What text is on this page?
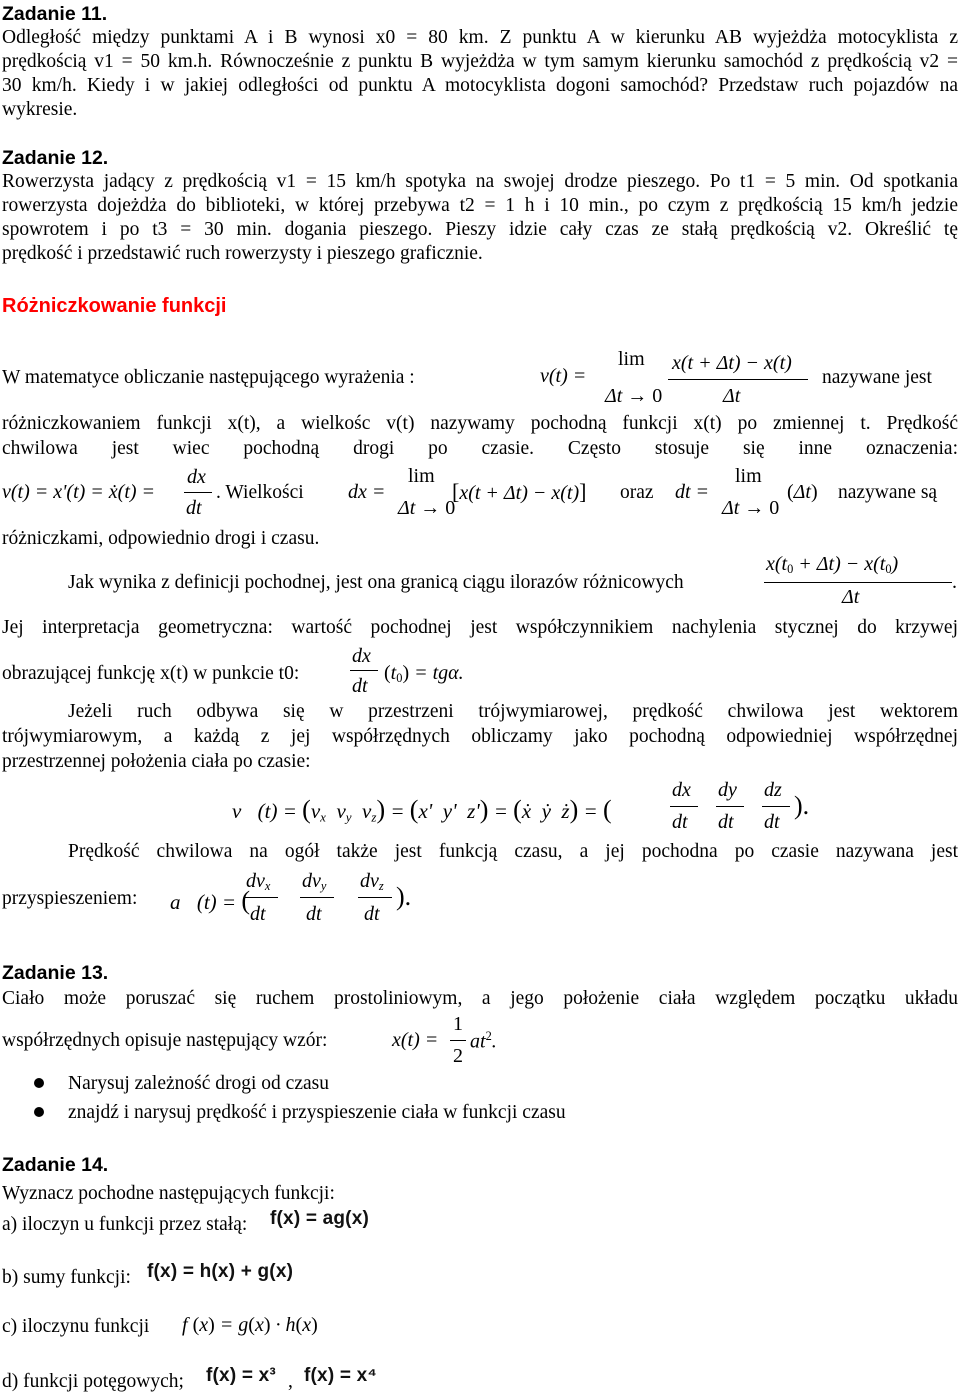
Zadanie 11.
Odległość między punktami A i B wynosi x0 = 80 km. Z punktu A w kierunku AB wyjeżdża motocyklista z
prędkością v1 = 50 km.h. Równocześnie z punktu B wyjeżdża w tym samym kierunku samochód z prędkością v2 =
30 km/h. Kiedy i w jakiej odległości od punktu A motocyklista dogoni samochód? Przedstaw ruch pojazdów na
wykresie.
Zadanie 12.
Rowerzysta jadący z prędkością v1 = 15 km/h spotyka na swojej drodze pieszego. Po t1 = 5 min. Od spotkania
rowerzysta dojeżdża do biblioteki, w której przebywa t2 = 1 h i 10 min., po czym z prędkością 15 km/h jedzie
spowrotem i po t3 = 30 min. dogania pieszego. Pieszy idzie cały czas ze stałą prędkością v2. Określić tę
prędkość i przedstawić ruch rowerzysty i pieszego graficznie.
Różniczkowanie funkcji
W matematyce obliczanie następującego wyrażenia :	v(t) =
lim
Δt → 0
x(t + Δt) − x(t)
Δt
nazywane jest
różniczkowaniem funkcji x(t), a wielkośc v(t) nazywamy pochodną funkcji x(t) po zmiennej t. Prędkość
chwilowa jest wiec pochodną drogi po czasie. Często stosuje się inne oznaczenia:
v(t) = x'(t) = ẋ(t) =
dx
dt
. Wielkości dx =
lim
Δt → 0
[x(t + Δt) − x(t)] oraz dt =
lim
Δt → 0
(Δt) nazywane są
różniczkami, odpowiednio drogi i czasu.
Jak wynika z definicji pochodnej, jest ona granicą ciągu ilorazów różnicowych
$x(t_0 + \Delta t) - x(t_0)$
Δt
.
Jej interpretacja geometryczna: wartość pochodnej jest współczynnikiem nachylenia stycznej do krzywej
obrazującej funkcję x(t) w punkcie t0:
dx
dt
$(t_0) = tg\alpha$.
Jeżeli ruch odbywa się w przestrzeni trójwymiarowej, prędkość chwilowa jest wektorem
trójwymiarowym, a każdą z jej współrzędnych obliczamy jako pochodną odpowiedniej współrzędnej
przestrzennej położenia ciała po czasie:
v⃗(t) = ($v_x$  $v_y$  $v_z) = (x'$  y'  z') = (ẋ  ẏ  ż) = (
dx dy dz
dt dt dt
).
Prędkość chwilowa na ogół także jest funkcją czasu, a jej pochodna po czasie nazywana jest
przyspieszeniem: a⃗(t) = (
$dv_x$ $dv_y$ $dv_z$
dt dt dt
).
Zadanie 13.
Ciało może poruszać się ruchem prostoliniowym, a jego położenie ciała względem początku układu
współrzędnych opisuje następujący wzór:	x(t) =
1
2
$at^2$.
Narysuj zależność drogi od czasu
znajdź i narysuj prędkość i przyspieszenie ciała w funkcji czasu
Zadanie 14.
Wyznacz pochodne następujących funkcji:
a) iloczyn u funkcji przez stałą: f(x) = ag(x)
b) sumy funkcji: f(x) = h(x) + g(x)
c) iloczynu funkcji f (x) = g(x) · h(x)
d) funkcji potęgowych; f(x) = x³ , f(x) = x⁴
